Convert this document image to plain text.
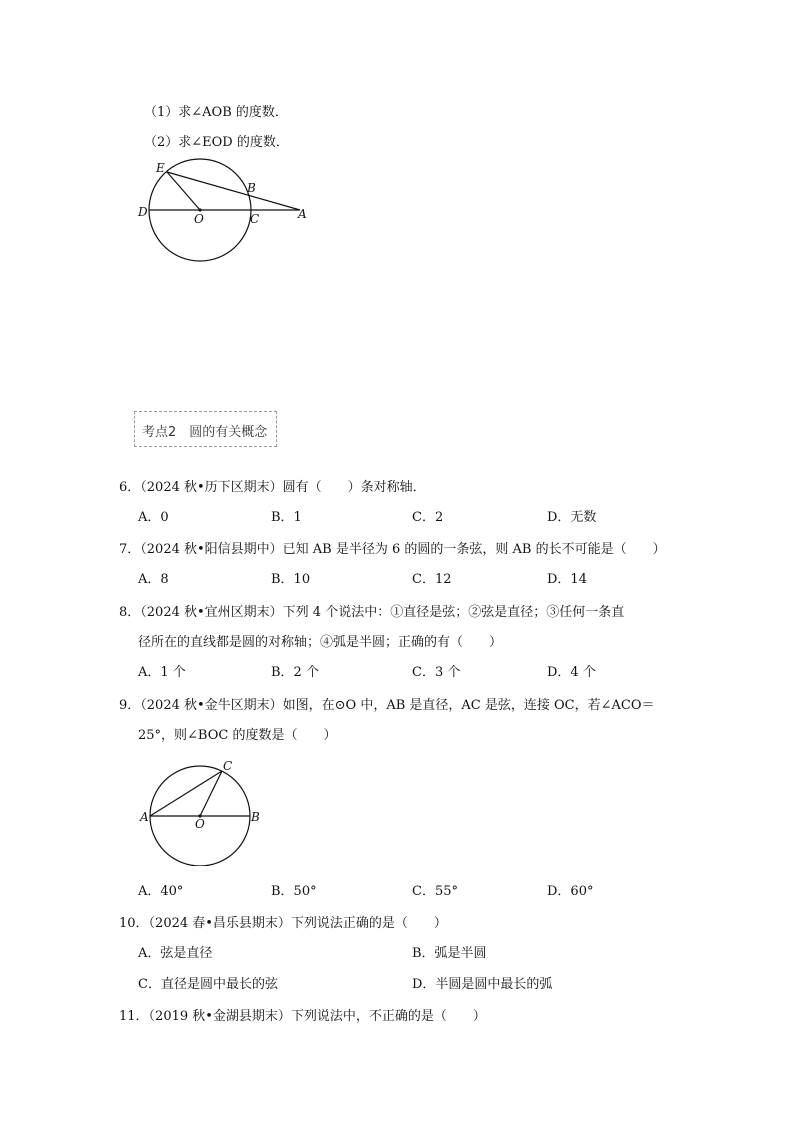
（1）求∠AOB 的度数．
（2）求∠EOD 的度数．
E
B
D	O	C	A
考点2　圆的有关概念
6．（2024 秋•历下区期末）圆有（　　）条对称轴．
A．0	B．1	C．2	D．无数
7．（2024 秋•阳信县期中）已知 AB 是半径为 6 的圆的一条弦，则 AB 的长不可能是（　　）
A．8	B．10	C．12	D．14
8．（2024 秋•宜州区期末）下列 4 个说法中：①直径是弦；②弦是直径；③任何一条直
径所在的直线都是圆的对称轴；④弧是半圆；正确的有（　　）
A．1 个	B．2 个	C．3 个	D．4 个
9．（2024 秋•金牛区期末）如图，在⊙O 中，AB 是直径，AC 是弦，连接 OC，若∠ACO＝
25°，则∠BOC 的度数是（　　）
C
A	O	B
A．40°	B．50°	C．55°	D．60°
10．（2024 春•昌乐县期末）下列说法正确的是（　　）
A．弦是直径	B．弧是半圆
C．直径是圆中最长的弦	D．半圆是圆中最长的弧
11．（2019 秋•金湖县期末）下列说法中，不正确的是（　　）
